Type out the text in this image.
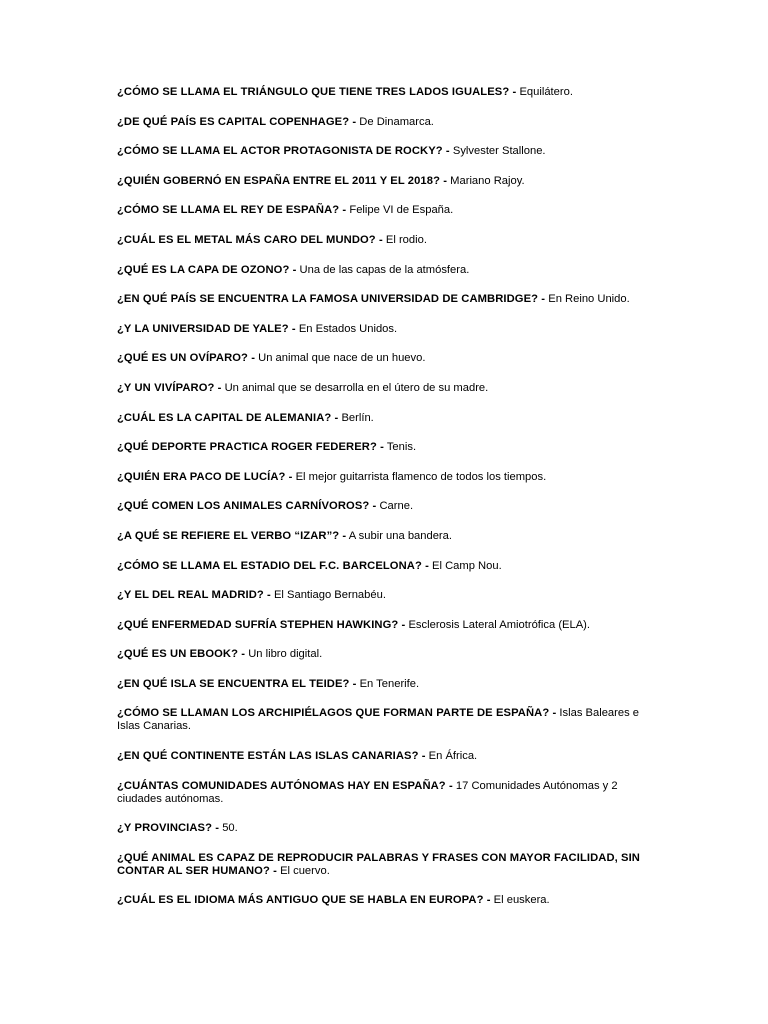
¿CÓMO SE LLAMA EL TRIÁNGULO QUE TIENE TRES LADOS IGUALES? - Equilátero.

¿DE QUÉ PAÍS ES CAPITAL COPENHAGE? - De Dinamarca.

¿CÓMO SE LLAMA EL ACTOR PROTAGONISTA DE ROCKY? - Sylvester Stallone.

¿QUIÉN GOBERNÓ EN ESPAÑA ENTRE EL 2011 Y EL 2018? - Mariano Rajoy.

¿CÓMO SE LLAMA EL REY DE ESPAÑA? - Felipe VI de España.

¿CUÁL ES EL METAL MÁS CARO DEL MUNDO? - El rodio.

¿QUÉ ES LA CAPA DE OZONO? - Una de las capas de la atmósfera.

¿EN QUÉ PAÍS SE ENCUENTRA LA FAMOSA UNIVERSIDAD DE CAMBRIDGE? - En Reino Unido.

¿Y LA UNIVERSIDAD DE YALE? - En Estados Unidos.

¿QUÉ ES UN OVÍPARO? - Un animal que nace de un huevo.

¿Y UN VIVÍPARO? - Un animal que se desarrolla en el útero de su madre.

¿CUÁL ES LA CAPITAL DE ALEMANIA? - Berlín.

¿QUÉ DEPORTE PRACTICA ROGER FEDERER? - Tenis.

¿QUIÉN ERA PACO DE LUCÍA? - El mejor guitarrista flamenco de todos los tiempos.

¿QUÉ COMEN LOS ANIMALES CARNÍVOROS? - Carne.

¿A QUÉ SE REFIERE EL VERBO “IZAR”? - A subir una bandera.

¿CÓMO SE LLAMA EL ESTADIO DEL F.C. BARCELONA? - El Camp Nou.

¿Y EL DEL REAL MADRID? - El Santiago Bernabéu.

¿QUÉ ENFERMEDAD SUFRÍA STEPHEN HAWKING? - Esclerosis Lateral Amiotrófica (ELA).

¿QUÉ ES UN EBOOK? - Un libro digital.

¿EN QUÉ ISLA SE ENCUENTRA EL TEIDE? - En Tenerife.

¿CÓMO SE LLAMAN LOS ARCHIPIÉLAGOS QUE FORMAN PARTE DE ESPAÑA? - Islas Baleares e Islas Canarias.

¿EN QUÉ CONTINENTE ESTÁN LAS ISLAS CANARIAS? - En África.

¿CUÁNTAS COMUNIDADES AUTÓNOMAS HAY EN ESPAÑA? - 17 Comunidades Autónomas y 2 ciudades autónomas.

¿Y PROVINCIAS? - 50.

¿QUÉ ANIMAL ES CAPAZ DE REPRODUCIR PALABRAS Y FRASES CON MAYOR FACILIDAD, SIN CONTAR AL SER HUMANO? - El cuervo.

¿CUÁL ES EL IDIOMA MÁS ANTIGUO QUE SE HABLA EN EUROPA? - El euskera.
